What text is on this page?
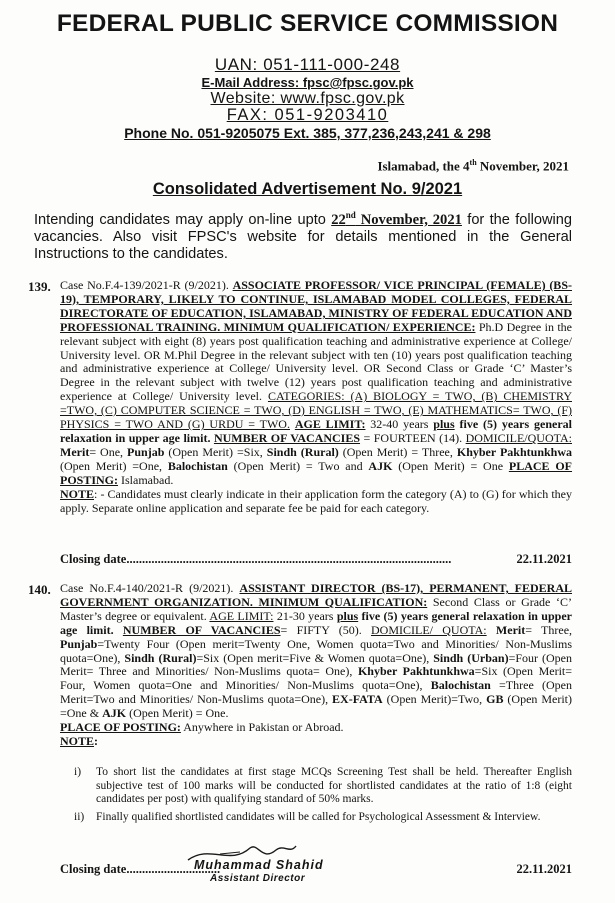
FEDERAL PUBLIC SERVICE COMMISSION
UAN: 051-111-000-248
E-Mail Address: fpsc@fpsc.gov.pk
Website: www.fpsc.gov.pk
FAX: 051-9203410
Phone No. 051-9205075 Ext. 385, 377,236,243,241 & 298
Islamabad, the 4th November, 2021
Consolidated Advertisement No. 9/2021
Intending candidates may apply on-line upto 22nd November, 2021 for the following vacancies. Also visit FPSC's website for details mentioned in the General Instructions to the candidates.
139. Case No.F.4-139/2021-R (9/2021). ASSOCIATE PROFESSOR/ VICE PRINCIPAL (FEMALE) (BS-19), TEMPORARY, LIKELY TO CONTINUE, ISLAMABAD MODEL COLLEGES, FEDERAL DIRECTORATE OF EDUCATION, ISLAMABAD, MINISTRY OF FEDERAL EDUCATION AND PROFESSIONAL TRAINING. MINIMUM QUALIFICATION/ EXPERIENCE: Ph.D Degree in the relevant subject with eight (8) years post qualification teaching and administrative experience at College/ University level. OR M.Phil Degree in the relevant subject with ten (10) years post qualification teaching and administrative experience at College/ University level. OR Second Class or Grade ‘C’ Master’s Degree in the relevant subject with twelve (12) years post qualification teaching and administrative experience at College/ University level. CATEGORIES: (A) BIOLOGY = TWO, (B) CHEMISTRY =TWO, (C) COMPUTER SCIENCE = TWO, (D) ENGLISH = TWO, (E) MATHEMATICS= TWO, (F) PHYSICS = TWO AND (G) URDU = TWO. AGE LIMIT: 32-40 years plus five (5) years general relaxation in upper age limit. NUMBER OF VACANCIES = FOURTEEN (14). DOMICILE/QUOTA: Merit= One, Punjab (Open Merit) =Six, Sindh (Rural) (Open Merit) = Three, Khyber Pakhtunkhwa (Open Merit) =One, Balochistan (Open Merit) = Two and AJK (Open Merit) = One PLACE OF POSTING: Islamabad.
NOTE: - Candidates must clearly indicate in their application form the category (A) to (G) for which they apply. Separate online application and separate fee be paid for each category.
Closing date........................................................................................................	22.11.2021
140. Case No.F.4-140/2021-R (9/2021). ASSISTANT DIRECTOR (BS-17), PERMANENT, FEDERAL GOVERNMENT ORGANIZATION. MINIMUM QUALIFICATION: Second Class or Grade ‘C’ Master’s degree or equivalent. AGE LIMIT: 21-30 years plus five (5) years general relaxation in upper age limit. NUMBER OF VACANCIES= FIFTY (50). DOMICILE/ QUOTA: Merit= Three, Punjab=Twenty Four (Open merit=Twenty One, Women quota=Two and Minorities/ Non-Muslims quota=One), Sindh (Rural)=Six (Open merit=Five & Women quota=One), Sindh (Urban)=Four (Open Merit= Three and Minorities/ Non-Muslims quota= One), Khyber Pakhtunkhwa=Six (Open Merit= Four, Women quota=One and Minorities/ Non-Muslims quota=One), Balochistan =Three (Open Merit=Two and Minorities/ Non-Muslims quota=One), EX-FATA (Open Merit)=Two, GB (Open Merit) =One & AJK (Open Merit) = One.
PLACE OF POSTING: Anywhere in Pakistan or Abroad.
NOTE:
i) To short list the candidates at first stage MCQs Screening Test shall be held. Thereafter English subjective test of 100 marks will be conducted for shortlisted candidates at the ratio of 1:8 (eight candidates per post) with qualifying standard of 50% marks.
ii) Finally qualified shortlisted candidates will be called for Psychological Assessment & Interview.
Closing date..............................	22.11.2021
Muhammad Shahid
Assistant Director
